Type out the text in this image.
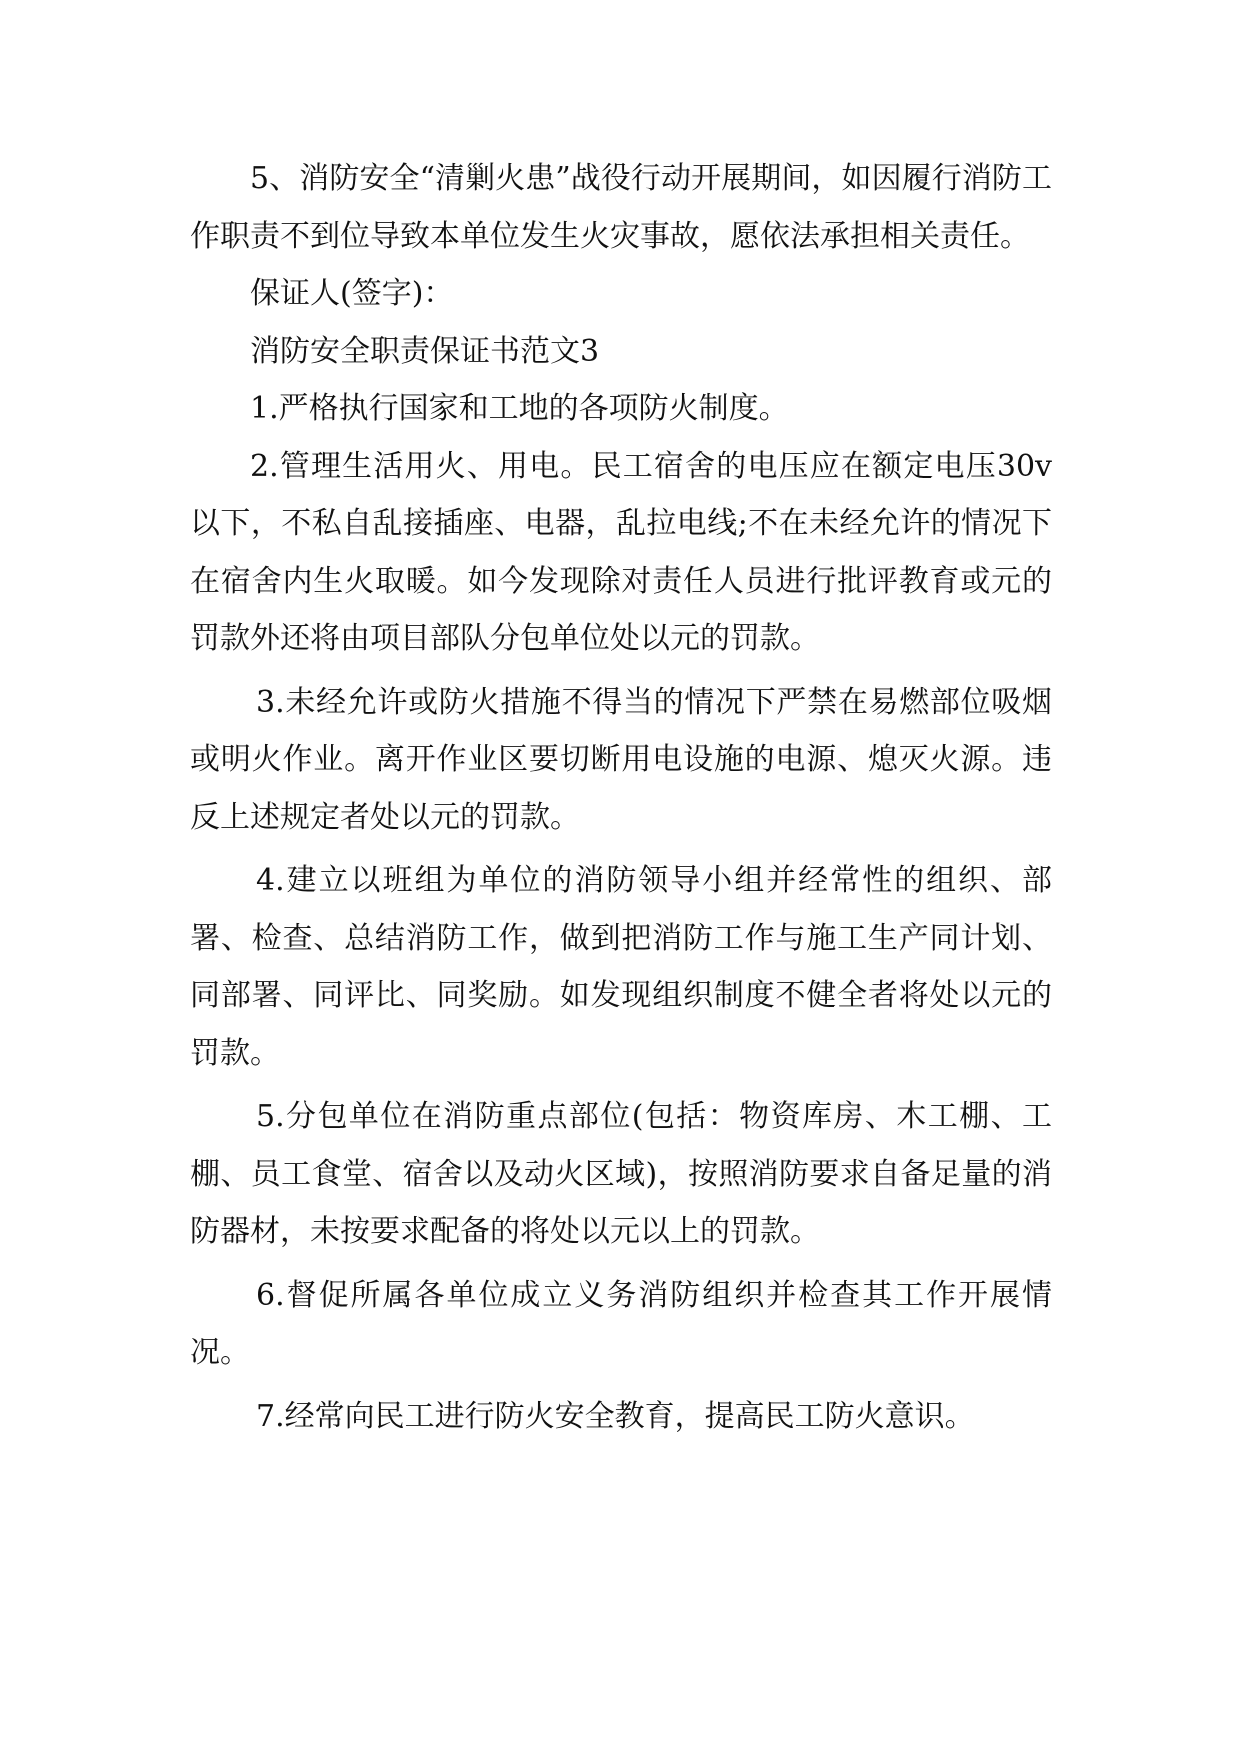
5、消防安全“清剿火患”战役行动开展期间，如因履行消防工作职责不到位导致本单位发生火灾事故，愿依法承担相关责任。

保证人(签字)：

消防安全职责保证书范文3

1.严格执行国家和工地的各项防火制度。

2.管理生活用火、用电。民工宿舍的电压应在额定电压30v以下，不私自乱接插座、电器，乱拉电线;不在未经允许的情况下在宿舍内生火取暖。如今发现除对责任人员进行批评教育或元的罚款外还将由项目部队分包单位处以元的罚款。

3.未经允许或防火措施不得当的情况下严禁在易燃部位吸烟或明火作业。离开作业区要切断用电设施的电源、熄灭火源。违反上述规定者处以元的罚款。

4.建立以班组为单位的消防领导小组并经常性的组织、部署、检查、总结消防工作，做到把消防工作与施工生产同计划、同部署、同评比、同奖励。如发现组织制度不健全者将处以元的罚款。

5.分包单位在消防重点部位(包括：物资库房、木工棚、工棚、员工食堂、宿舍以及动火区域)，按照消防要求自备足量的消防器材，未按要求配备的将处以元以上的罚款。

6.督促所属各单位成立义务消防组织并检查其工作开展情况。

7.经常向民工进行防火安全教育，提高民工防火意识。
